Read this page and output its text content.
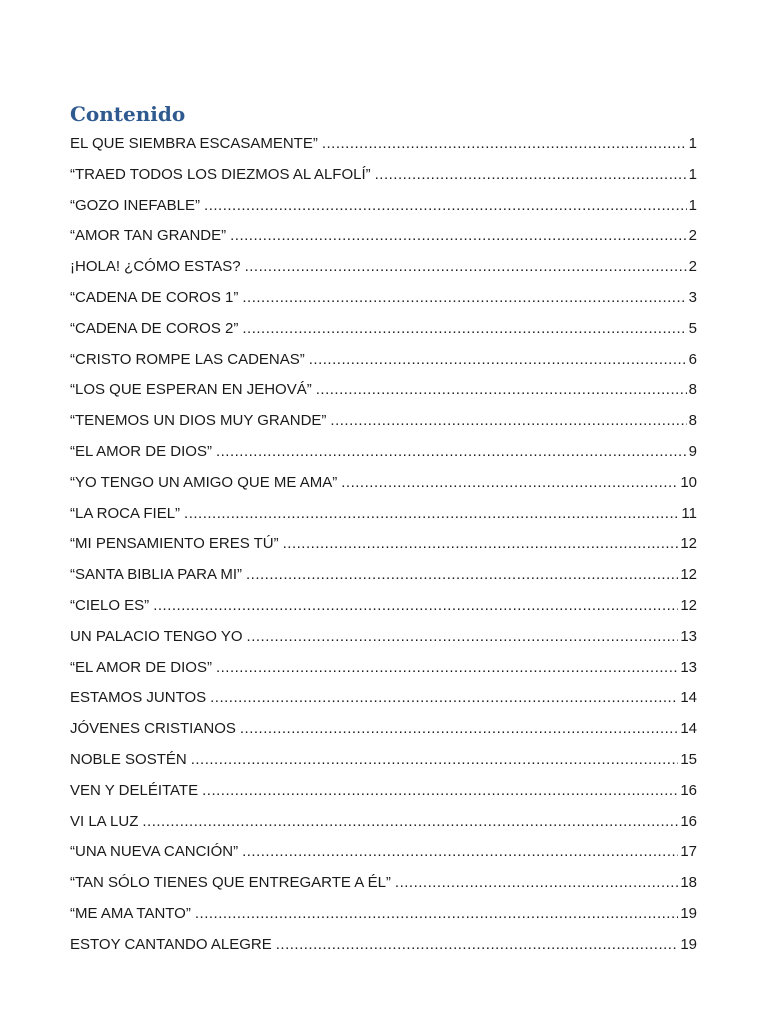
Contenido
EL QUE SIEMBRA ESCASAMENTE” .....	1
“TRAED TODOS LOS DIEZMOS AL ALFOLÍ” .....	1
“GOZO INEFABLE” .....	1
“AMOR TAN GRANDE” .....	2
¡HOLA! ¿CÓMO ESTAS? .....	2
“CADENA DE COROS 1” .....	3
“CADENA DE COROS 2” .....	5
“CRISTO ROMPE LAS CADENAS” .....	6
“LOS QUE ESPERAN EN JEHOVÁ” .....	8
“TENEMOS UN DIOS MUY GRANDE” .....	8
“EL AMOR DE DIOS” .....	9
“YO TENGO UN AMIGO QUE ME AMA” .....	10
“LA ROCA FIEL” .....	11
“MI PENSAMIENTO ERES TÚ” .....	12
“SANTA BIBLIA PARA MI” .....	12
“CIELO ES” .....	12
UN PALACIO TENGO YO .....	13
“EL AMOR DE DIOS” .....	13
ESTAMOS JUNTOS .....	14
JÓVENES CRISTIANOS .....	14
NOBLE SOSTÉN .....	15
VEN Y DELÉITATE .....	16
VI LA LUZ .....	16
“UNA NUEVA CANCIÓN” .....	17
“TAN SÓLO TIENES QUE ENTREGARTE A ÉL” .....	18
“ME AMA TANTO” .....	19
ESTOY CANTANDO ALEGRE .....	19
